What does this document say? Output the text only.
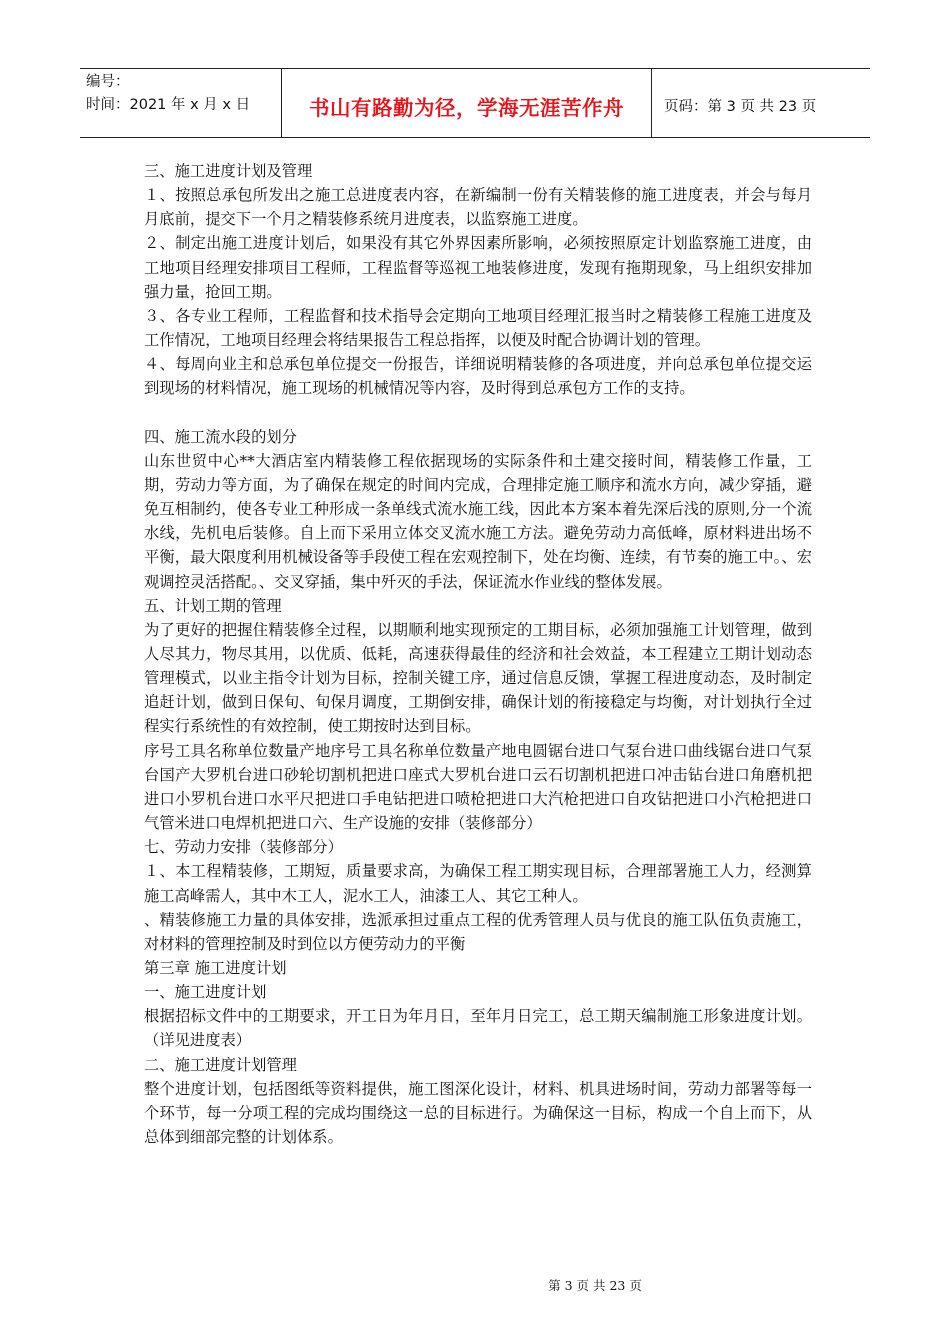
编号：
时间：2021 年 x 月 x 日	书山有路勤为径，学海无涯苦作舟	页码：第 3 页 共 23 页

三、施工进度计划及管理

１、按照总承包所发出之施工总进度表内容，在新编制一份有关精装修的施工进度表，并会与每月月底前，提交下一个月之精装修系统月进度表，以监察施工进度。

２、制定出施工进度计划后，如果没有其它外界因素所影响，必须按照原定计划监察施工进度，由工地项目经理安排项目工程师，工程监督等巡视工地装修进度，发现有拖期现象，马上组织安排加强力量，抢回工期。

３、各专业工程师，工程监督和技术指导会定期向工地项目经理汇报当时之精装修工程施工进度及工作情况，工地项目经理会将结果报告工程总指挥，以便及时配合协调计划的管理。

４、每周向业主和总承包单位提交一份报告，详细说明精装修的各项进度，并向总承包单位提交运到现场的材料情况，施工现场的机械情况等内容，及时得到总承包方工作的支持。

四、施工流水段的划分

山东世贸中心**大酒店室内精装修工程依据现场的实际条件和土建交接时间，精装修工作量，工期，劳动力等方面，为了确保在规定的时间内完成，合理排定施工顺序和流水方向，减少穿插，避免互相制约，使各专业工种形成一条单线式流水施工线，因此本方案本着先深后浅的原则,分一个流水线，先机电后装修。自上而下采用立体交叉流水施工方法。避免劳动力高低峰，原材料进出场不平衡，最大限度利用机械设备等手段使工程在宏观控制下，处在均衡、连续，有节奏的施工中。、宏观调控灵活搭配。、交叉穿插，集中歼灭的手法，保证流水作业线的整体发展。

五、计划工期的管理

为了更好的把握住精装修全过程，以期顺利地实现预定的工期目标，必须加强施工计划管理，做到人尽其力，物尽其用，以优质、低耗，高速获得最佳的经济和社会效益，本工程建立工期计划动态管理模式，以业主指令计划为目标，控制关键工序，通过信息反馈，掌握工程进度动态，及时制定追赶计划，做到日保旬、旬保月调度，工期倒安排，确保计划的衔接稳定与均衡，对计划执行全过程实行系统性的有效控制，使工期按时达到目标。

序号工具名称单位数量产地序号工具名称单位数量产地电圆锯台进口气泵台进口曲线锯台进口气泵台国产大罗机台进口砂轮切割机把进口座式大罗机台进口云石切割机把进口冲击钻台进口角磨机把进口小罗机台进口水平尺把进口手电钻把进口喷枪把进口大汽枪把进口自攻钻把进口小汽枪把进口气管米进口电焊机把进口六、生产设施的安排（装修部分）

七、劳动力安排（装修部分）

１、本工程精装修，工期短，质量要求高，为确保工程工期实现目标，合理部署施工人力，经测算施工高峰需人，其中木工人，泥水工人，油漆工人、其它工种人。

、精装修施工力量的具体安排，选派承担过重点工程的优秀管理人员与优良的施工队伍负责施工，对材料的管理控制及时到位以方便劳动力的平衡

第三章 施工进度计划

一、施工进度计划

根据招标文件中的工期要求，开工日为年月日，至年月日完工，总工期天编制施工形象进度计划。（详见进度表）

二、施工进度计划管理

整个进度计划，包括图纸等资料提供，施工图深化设计，材料、机具进场时间，劳动力部署等每一个环节，每一分项工程的完成均围绕这一总的目标进行。为确保这一目标，构成一个自上而下，从总体到细部完整的计划体系。

第 3 页 共 23 页
